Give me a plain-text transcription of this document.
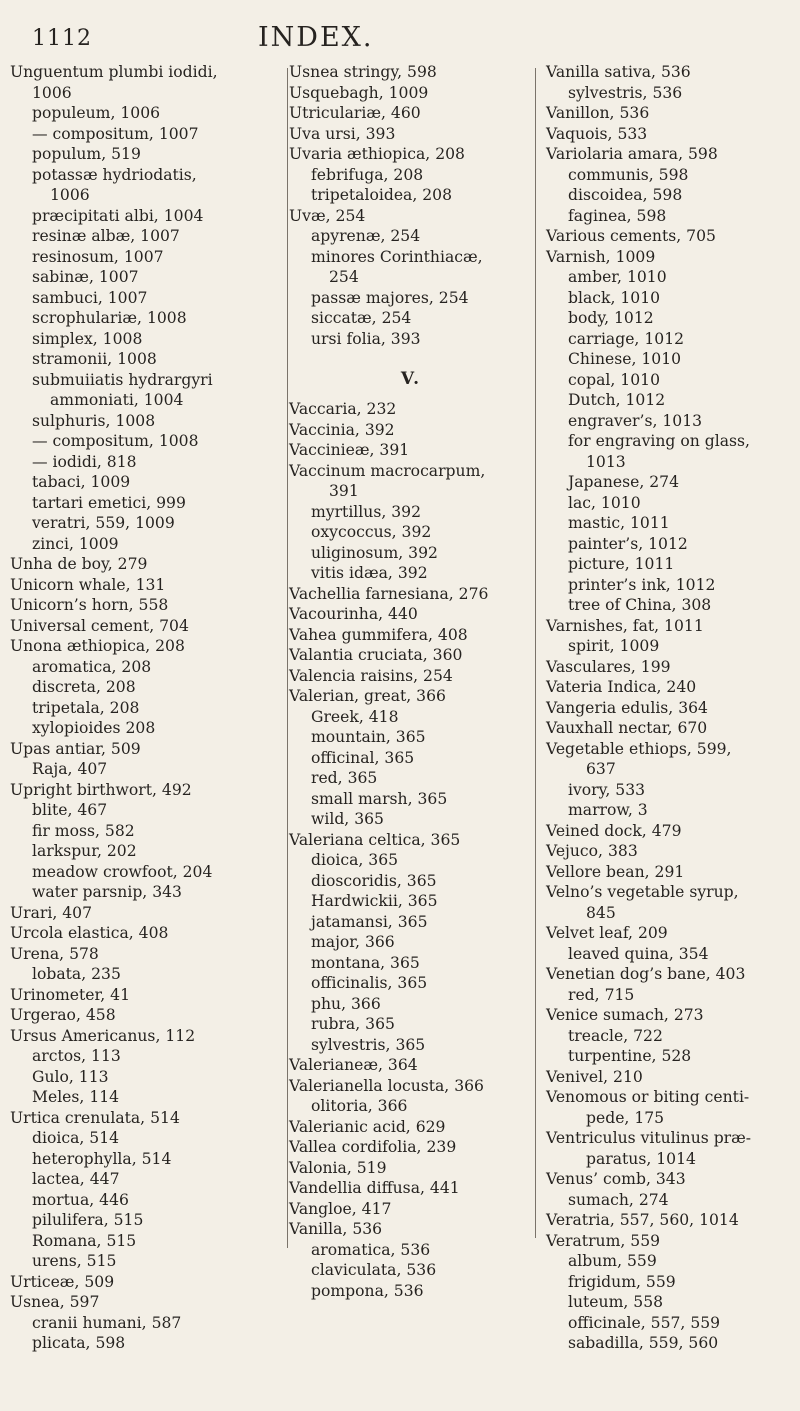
1112	INDEX.
Unguentum plumbi iodidi,
1006
populeum, 1006
— compositum, 1007
populum, 519
potassæ hydriodatis,
1006
præcipitati albi, 1004
resinæ albæ, 1007
resinosum, 1007
sabinæ, 1007
sambuci, 1007
scrophulariæ, 1008
simplex, 1008
stramonii, 1008
submuiiatis hydrargyri
ammoniati, 1004
sulphuris, 1008
— compositum, 1008
— iodidi, 818
tabaci, 1009
tartari emetici, 999
veratri, 559, 1009
zinci, 1009
Unha de boy, 279
Unicorn whale, 131
Unicorn’s horn, 558
Universal cement, 704
Unona æthiopica, 208
aromatica, 208
discreta, 208
tripetala, 208
xylopioides 208
Upas antiar, 509
Raja, 407
Upright birthwort, 492
blite, 467
fir moss, 582
larkspur, 202
meadow crowfoot, 204
water parsnip, 343
Urari, 407
Urcola elastica, 408
Urena, 578
lobata, 235
Urinometer, 41
Urgerao, 458
Ursus Americanus, 112
arctos, 113
Gulo, 113
Meles, 114
Urtica crenulata, 514
dioica, 514
heterophylla, 514
lactea, 447
mortua, 446
pilulifera, 515
Romana, 515
urens, 515
Urticeæ, 509
Usnea, 597
cranii humani, 587
plicata, 598
Usnea stringy, 598
Usquebagh, 1009
Utriculariæ, 460
Uva ursi, 393
Uvaria æthiopica, 208
febrifuga, 208
tripetaloidea, 208
Uvæ, 254
apyrenæ, 254
minores Corinthiacæ,
254
passæ majores, 254
siccatæ, 254
ursi folia, 393
V.
Vaccaria, 232
Vaccinia, 392
Vaccinieæ, 391
Vaccinum macrocarpum,
391
myrtillus, 392
oxycoccus, 392
uliginosum, 392
vitis idæa, 392
Vachellia farnesiana, 276
Vacourinha, 440
Vahea gummifera, 408
Valantia cruciata, 360
Valencia raisins, 254
Valerian, great, 366
Greek, 418
mountain, 365
officinal, 365
red, 365
small marsh, 365
wild, 365
Valeriana celtica, 365
dioica, 365
dioscoridis, 365
Hardwickii, 365
jatamansi, 365
major, 366
montana, 365
officinalis, 365
phu, 366
rubra, 365
sylvestris, 365
Valerianeæ, 364
Valerianella locusta, 366
olitoria, 366
Valerianic acid, 629
Vallea cordifolia, 239
Valonia, 519
Vandellia diffusa, 441
Vangloe, 417
Vanilla, 536
aromatica, 536
claviculata, 536
pompona, 536
Vanilla sativa, 536
sylvestris, 536
Vanillon, 536
Vaquois, 533
Variolaria amara, 598
communis, 598
discoidea, 598
faginea, 598
Various cements, 705
Varnish, 1009
amber, 1010
black, 1010
body, 1012
carriage, 1012
Chinese, 1010
copal, 1010
Dutch, 1012
engraver’s, 1013
for engraving on glass,
1013
Japanese, 274
lac, 1010
mastic, 1011
painter’s, 1012
picture, 1011
printer’s ink, 1012
tree of China, 308
Varnishes, fat, 1011
spirit, 1009
Vasculares, 199
Vateria Indica, 240
Vangeria edulis, 364
Vauxhall nectar, 670
Vegetable ethiops, 599,
637
ivory, 533
marrow, 3
Veined dock, 479
Vejuco, 383
Vellore bean, 291
Velno’s vegetable syrup,
845
Velvet leaf, 209
leaved quina, 354
Venetian dog’s bane, 403
red, 715
Venice sumach, 273
treacle, 722
turpentine, 528
Venivel, 210
Venomous or biting centi-
pede, 175
Ventriculus vitulinus præ-
paratus, 1014
Venus’ comb, 343
sumach, 274
Veratria, 557, 560, 1014
Veratrum, 559
album, 559
frigidum, 559
luteum, 558
officinale, 557, 559
sabadilla, 559, 560
